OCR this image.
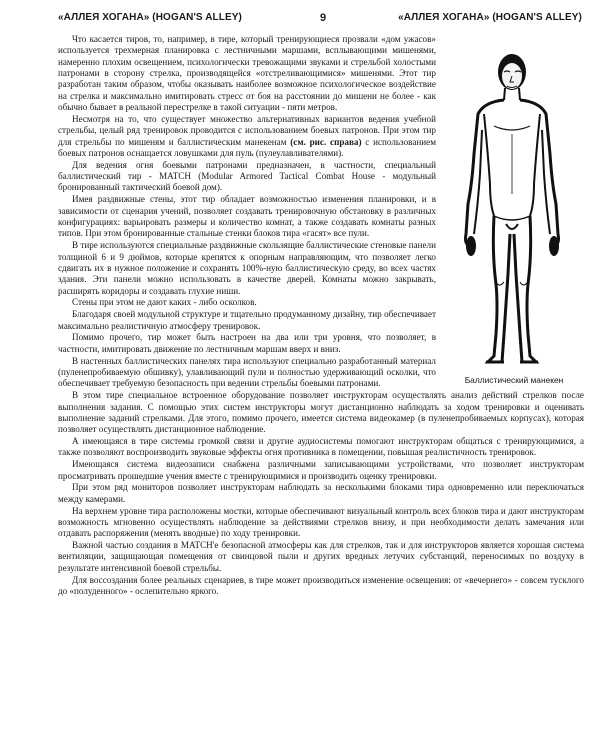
«АЛЛЕЯ ХОГАНА» (HOGAN'S ALLEY)	9	«АЛЛЕЯ ХОГАНА» (HOGAN'S ALLEY)
Баллистический манекен

Что касается тиров, то, например, в тире, который тренирующиеся прозвали «дом ужасов» используется трехмерная планировка с лестничными маршами, всплывающими мишенями, намеренно плохим освещением, психологически тревожащими звуками и стрельбой холостыми патронами в сторону стрелка, производящейся «отстреливающимися» мишенями. Этот тир разработан таким образом, чтобы оказывать наиболее возможное психологическое воздействие на стрелка и максимально имитировать стресс от боя на расстоянии до мишени не более - как обычно бывает в реальной перестрелке в такой ситуации - пяти метров.

Несмотря на то, что существует множество альтернативных вариантов ведения учебной стрельбы, целый ряд тренировок проводится с использованием боевых патронов. При этом тир для стрельбы по мишеням и баллистическим манекенам (см. рис. справа) с использованием боевых патронов оснащается ловушками для пуль (пулеулавливателями).

Для ведения огня боевыми патронами предназначен, в частности, специальный баллистический тир - MATCH (Modular Armored Tactical Combat House - модульный бронированный тактический боевой дом).

Имея раздвижные стены, этот тир обладает возможностью изменения планировки, и в зависимости от сценария учений, позволяет создавать тренировочную обстановку в различных конфигурациях: варьировать размеры и количество комнат, а также создавать комнаты разных типов. При этом бронированные стальные стенки блоков тира «гасят» все пули.

В тире используются специальные раздвижные скользящие баллистические стеновые панели толщиной 6 и 9 дюймов, которые крепятся к опорным направляющим, что позволяет легко сдвигать их в нужное положение и сохранять 100%-ную баллистическую среду, во всех частях здания. Эти панели можно использовать в качестве дверей. Комнаты можно закрывать, расширять коридоры и создавать глухие ниши.

Стены при этом не дают каких - либо осколков.

Благодаря своей модульной структуре и тщательно продуманному дизайну, тир обеспечивает максимально реалистичную атмосферу тренировок.

Помимо прочего, тир может быть настроен на два или три уровня, что позволяет, в частности, имитировать движение по лестничным маршам вверх и вниз.

В настенных баллистических панелях тира используют специально разработанный материал (пуленепробиваемую обшивку), улавливающий пули и полностью удерживающий осколки, что обеспечивает требуемую безопасность при ведении стрельбы боевыми патронами.

В этом тире специальное встроенное оборудование позволяет инструкторам осуществлять анализ действий стрелков после выполнения задания. С помощью этих систем инструкторы могут дистанционно наблюдать за ходом тренировки и оценивать выполнение заданий стрелками. Для этого, помимо прочего, имеется система видеокамер (в пуленепробиваемых корпусах), которая позволяет осуществлять дистанционное наблюдение.

А имеющаяся в тире системы громкой связи и другие аудиосистемы помогают инструкторам общаться с тренирующимися, а также позволяют воспроизводить звуковые эффекты огня противника в помещении, повышая реалистичность тренировок.

Имеющаяся система видеозаписи снабжена различными записывающими устройствами, что позволяет инструкторам просматривать прошедшие учения вместе с тренирующимися и производить оценку тренировки.

При этом ряд мониторов позволяет инструкторам наблюдать за несколькими блоками тира одновременно или переключаться между камерами.

На верхнем уровне тира расположены мостки, которые обеспечивают визуальный контроль всех блоков тира и дают инструкторам возможность мгновенно осуществлять наблюдение за действиями стрелков внизу, и при необходимости делать замечания или отдавать распоряжения (менять вводные) по ходу тренировки.

Важной частью создания в MATCH'е безопасной атмосферы как для стрелков, так и для инструкторов является хорошая система вентиляции, защищающая помещения от свинцовой пыли и других вредных летучих субстанций, переносимых по воздуху в результате интенсивной боевой стрельбы.

Для воссоздания более реальных сценариев, в тире может производиться изменение освещения: от «вечернего» - совсем тусклого до «полуденного» - ослепительно яркого.
